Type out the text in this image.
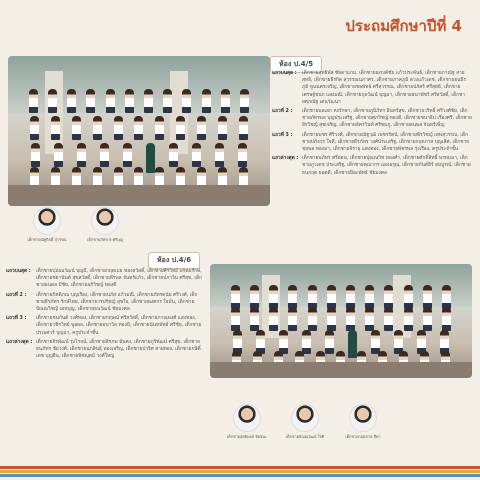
ประถมศึกษาปีที่ 4
ห้อง ป.4/5
แถวบนสุด :	เด็กชายสุทธิพัส ชัยดาแกม, เด็กชายณรงค์ชัย เเก้วประพันธ์, เด็กชายภาณัฐ สายสุทธิ, เด็กชายธีรกิต สุวรรณนภาศร, เด็กชายภาคภูมิ ดวงแก้วเดช, เด็กชายธนธีรภูมิ พูนนครเจริญ, เด็กชายชยพัทธ์ ศรีสุวรรณ, เด็กชายปภัสร์ ศรีสุทธิ, เด็กชายเศรษฐ์ชนก แสงมณี, เด็กชายกุลวัฒน์ บุญมา, เด็กชายธนาพัชร์ ศรีสวัสดิ์, เด็กชายศุภณัฐ เด่นวัฒนา
แถวที่ 2 :	เด็กชายพลเอก คงรักษา, เด็กชายภูมิภัทร อินทร์สุข, เด็กชายวริทธิ์ ศรีวงศ์ชัย, เด็กชายภัทรพล บุญประเสริฐ, เด็กชายศุภวิชญ์ ทองดี, เด็กชายชนาธิป เรืองศรี, เด็กชายสิรวิชญ์ สุขเจริญ, เด็กชายอัครวินท์ ศรีชมภู, เด็กชายธนพล จันทร์เพ็ญ
แถวที่ 3 :	เด็กชายพชร ศิริวงศ์, เด็กชายณัฐวุฒิ เพชรรัตน์, เด็กชายพีรวิชญ์ เทพสุวรรณ, เด็กชายปภังกร ใจดี, เด็กชายธีรภัทร วงศ์ประเสริฐ, เด็กชายกฤตภาส บุญเลิศ, เด็กชายชยพล ทองมา, เด็กชายจิรายุ แสงทอง, เด็กชายพัชรพล รุ่งเรือง, ครูประจำชั้น
แถวล่างสุด : เด็กชายนภัทร ศรีอ่อน, เด็กชายปุณณวิช ทองคำ, เด็กชายศักดิ์สิทธิ์ พรหมมา, เด็กชายภูวเดช ประเสริฐ, เด็กชายคุณากร แสงอรุณ, เด็กชายกันต์ธีร์ สมบูรณ์, เด็กชายธนกฤต ยอดดี, เด็กชายปิยะพัทธ์ ชัยมงคล
เด็กชายณัฐกิตติ์ สุวรรณ	เด็กชายภัทรกร ศรีบุญ
ห้อง ป.4/6
แถวบนสุด :	เด็กชายปุณณวัฒน์ บุญมี, เด็กชายกฤตเมธ ทองสวัสดิ์, เด็กชายศิรวิทย์ พรหมรักษ์, เด็กชายชยานันต์ สุขสวัสดิ์, เด็กชายพีรพล จันทร์แก้ว, เด็กชายปภาวิน ศรีสุข, เด็กชายธนดล มีชัย, เด็กชายอภิวิชญ์ ทองดี
แถวที่ 2 :	เด็กชายกิตติภณ บุญเรือง, เด็กชายนภัส แก้วมณี, เด็กชายภัทรดนัย ศรีวงศ์, เด็กชายธีรภัทร รักษ์ไทย, เด็กชายวรปรัชญ์ สุขใจ, เด็กชายพงศกร ใจมั่น, เด็กชายปัณณวิชญ์ เดชบุญ, เด็กชายธนวัฒน์ ชัยมงคล
แถวที่ 3 :	เด็กชายชนกันต์ วงศ์ทอง, เด็กชายกฤษณ์ ศรีสวัสดิ์, เด็กชายภาณุพงศ์ แสงทอง, เด็กชายวชิรวิทย์ พูลผล, เด็กชายอนาวิล ทองมี, เด็กชายนันทพัทธ์ ศรีชัย, เด็กชายปรเมศวร์ บุญมา, ครูประจำชั้น
แถวล่างสุด : เด็กชายจิรพัฒน์ รุ่งโรจน์, เด็กชายสิรภพ มั่นคง, เด็กชายภูริพัฒน์ ศรีสุข, เด็กชายธนภัทร ชัยวงศ์, เด็กชายนภสินธุ์ ทองเจริญ, เด็กชายปวริศ สายทอง, เด็กชายกษิดิ์เดช บุญยืน, เด็กชายพิชญุตม์ วงศ์ใหญ่
เด็กชายสุทธิพงษ์ ชัยชนะ	เด็กชายปัณณวัฒน์ ใจดี	เด็กชายกฤตภาส สีดา
